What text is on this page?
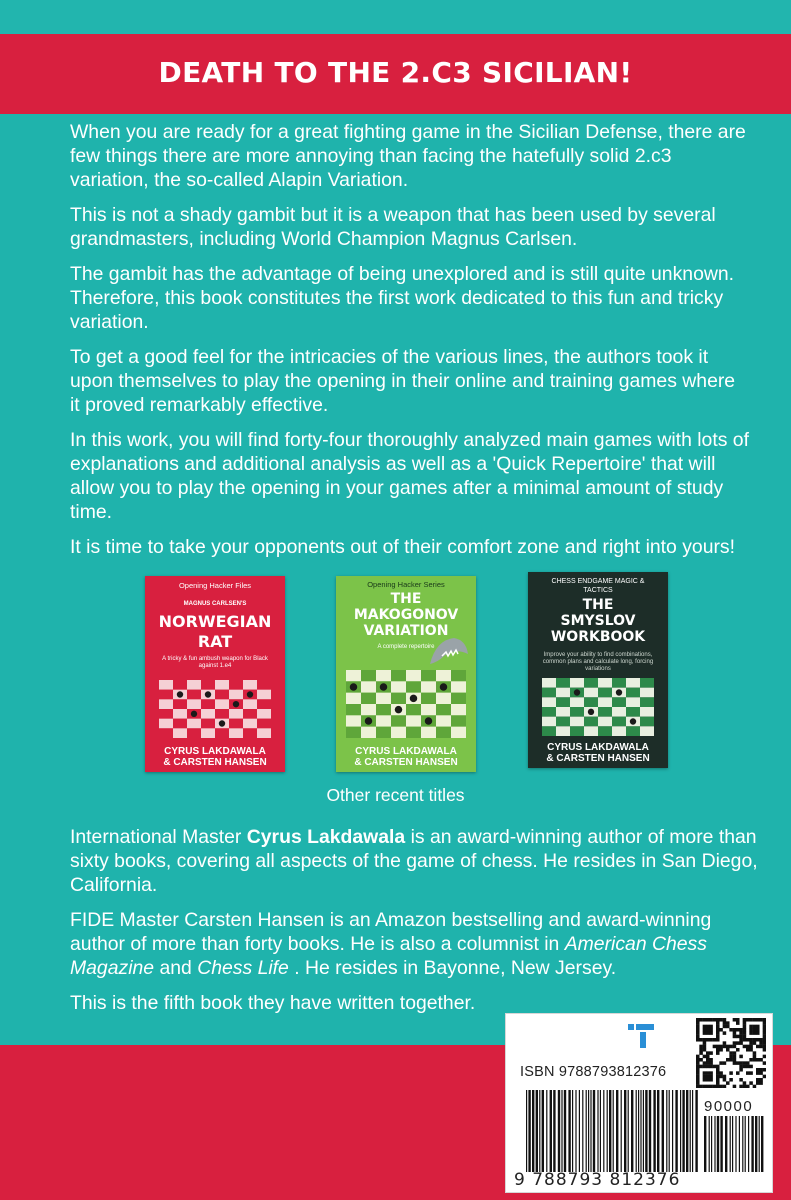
DEATH TO THE 2.C3 SICILIAN!

When you are ready for a great fighting game in the Sicilian Defense, there are few things there are more annoying than facing the hatefully solid 2.c3 variation, the so-called Alapin Variation.

This is not a shady gambit but it is a weapon that has been used by several grandmasters, including World Champion Magnus Carlsen.

The gambit has the advantage of being unexplored and is still quite unknown. Therefore, this book constitutes the first work dedicated to this fun and tricky variation.

To get a good feel for the intricacies of the various lines, the authors took it upon themselves to play the opening in their online and training games where it proved remarkably effective.

In this work, you will find forty-four thoroughly analyzed main games with lots of explanations and additional analysis as well as a 'Quick Repertoire' that will allow you to play the opening in your games after a minimal amount of study time.

It is time to take your opponents out of their comfort zone and right into yours!

Opening Hacker Files
MAGNUS CARLSEN'S
NORWEGIAN
RAT
A tricky & fun ambush weapon for Black against 1.e4
CYRUS LAKDAWALA
& CARSTEN HANSEN
Opening Hacker Series
THE
MAKOGONOV
VARIATION
A complete repertoire
CYRUS LAKDAWALA
& CARSTEN HANSEN
CHESS ENDGAME MAGIC & TACTICS
THE
SMYSLOV
WORKBOOK
Improve your ability to find combinations, common plans and calculate long, forcing variations
CYRUS LAKDAWALA
& CARSTEN HANSEN
Other recent titles

International Master Cyrus Lakdawala is an award-winning author of more than sixty books, covering all aspects of the game of chess. He resides in San Diego, California.

FIDE Master Carsten Hansen is an Amazon bestselling and award-winning author of more than forty books. He is also a columnist in American Chess Magazine and Chess Life . He resides in Bayonne, New Jersey.

This is the fifth book they have written together.

ISBN 9788793812376
90000
9 788793 812376
